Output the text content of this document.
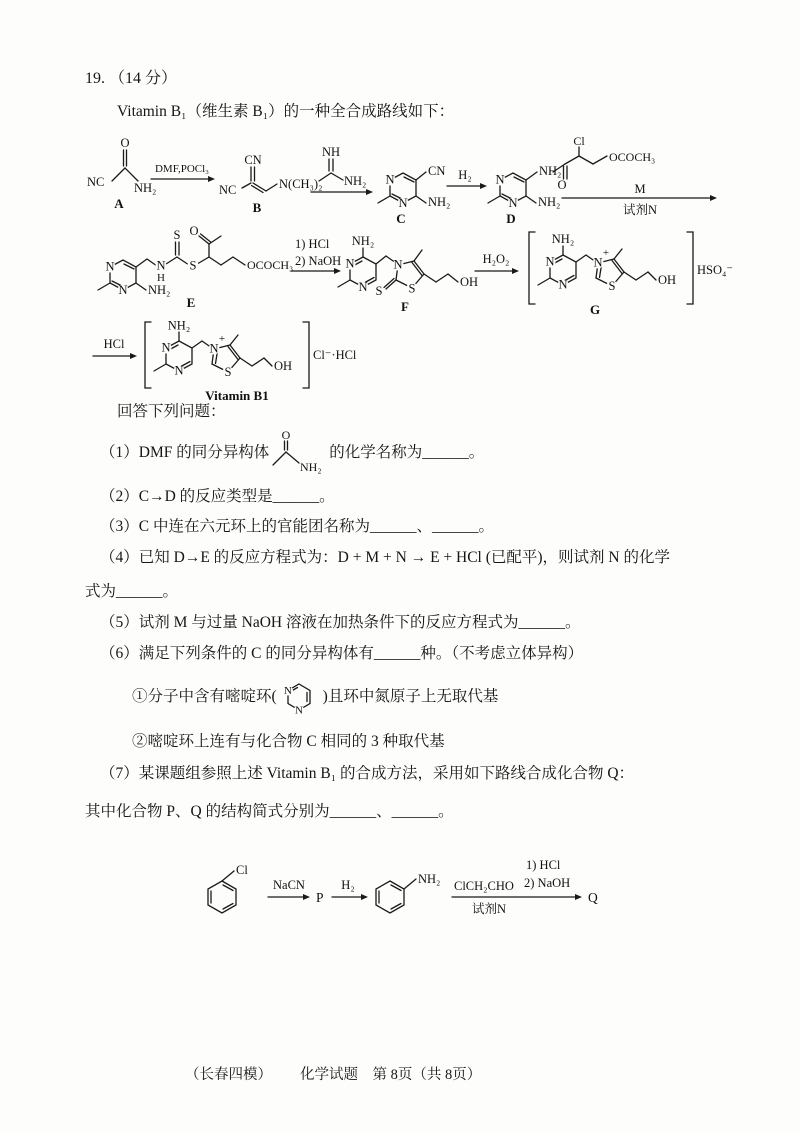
19. （14 分）
Vitamin B₁（维生素 B₁）的一种全合成路线如下：
NC
O
NH₂
A
DMF,POCl₃
NC
CN
N(CH₃)₂
B
NH
NH₂ N
N
CN
NH₂
C
H₂ N
N
NH₂
NH₂
D
Cl
O
OCOCH₃
M
试剂N
N
N NH₂
N
H
S
S
O
OCOCH₃
E
1) HCl
2) NaOH
NH₂
N
N
N
S
S
OH
F
H₂O₂
NH₂
N
N
N
+
S	OH
HSO₄⁻
G
HCl
NH₂
N
N
N
+
S	OH
Cl⁻·HCl
Vitamin B1
回答下列问题：
（1）DMF 的同分异构体
O
NH₂
的化学名称为______。
（2）C→D 的反应类型是______。
（3）C 中连在六元环上的官能团名称为______、______。
（4）已知 D→E 的反应方程式为：D + M + N → E + HCl (已配平)，则试剂 N 的化学
式为______。
（5）试剂 M 与过量 NaOH 溶液在加热条件下的反应方程式为______。
（6）满足下列条件的 C 的同分异构体有______种。（不考虑立体异构）
①分子中含有嘧啶环( N
N
)且环中氮原子上无取代基
②嘧啶环上连有与化合物 C 相同的 3 种取代基
（7）某课题组参照上述 Vitamin B₁ 的合成方法，采用如下路线合成化合物 Q：
其中化合物 P、Q 的结构简式分别为______、______。
Cl
NaCN
P
H₂	NH₂ ClCH₂CHO
试剂N
1) HCl
2) NaOH
Q
（长春四模） 化学试题　第 8页（共 8页）
